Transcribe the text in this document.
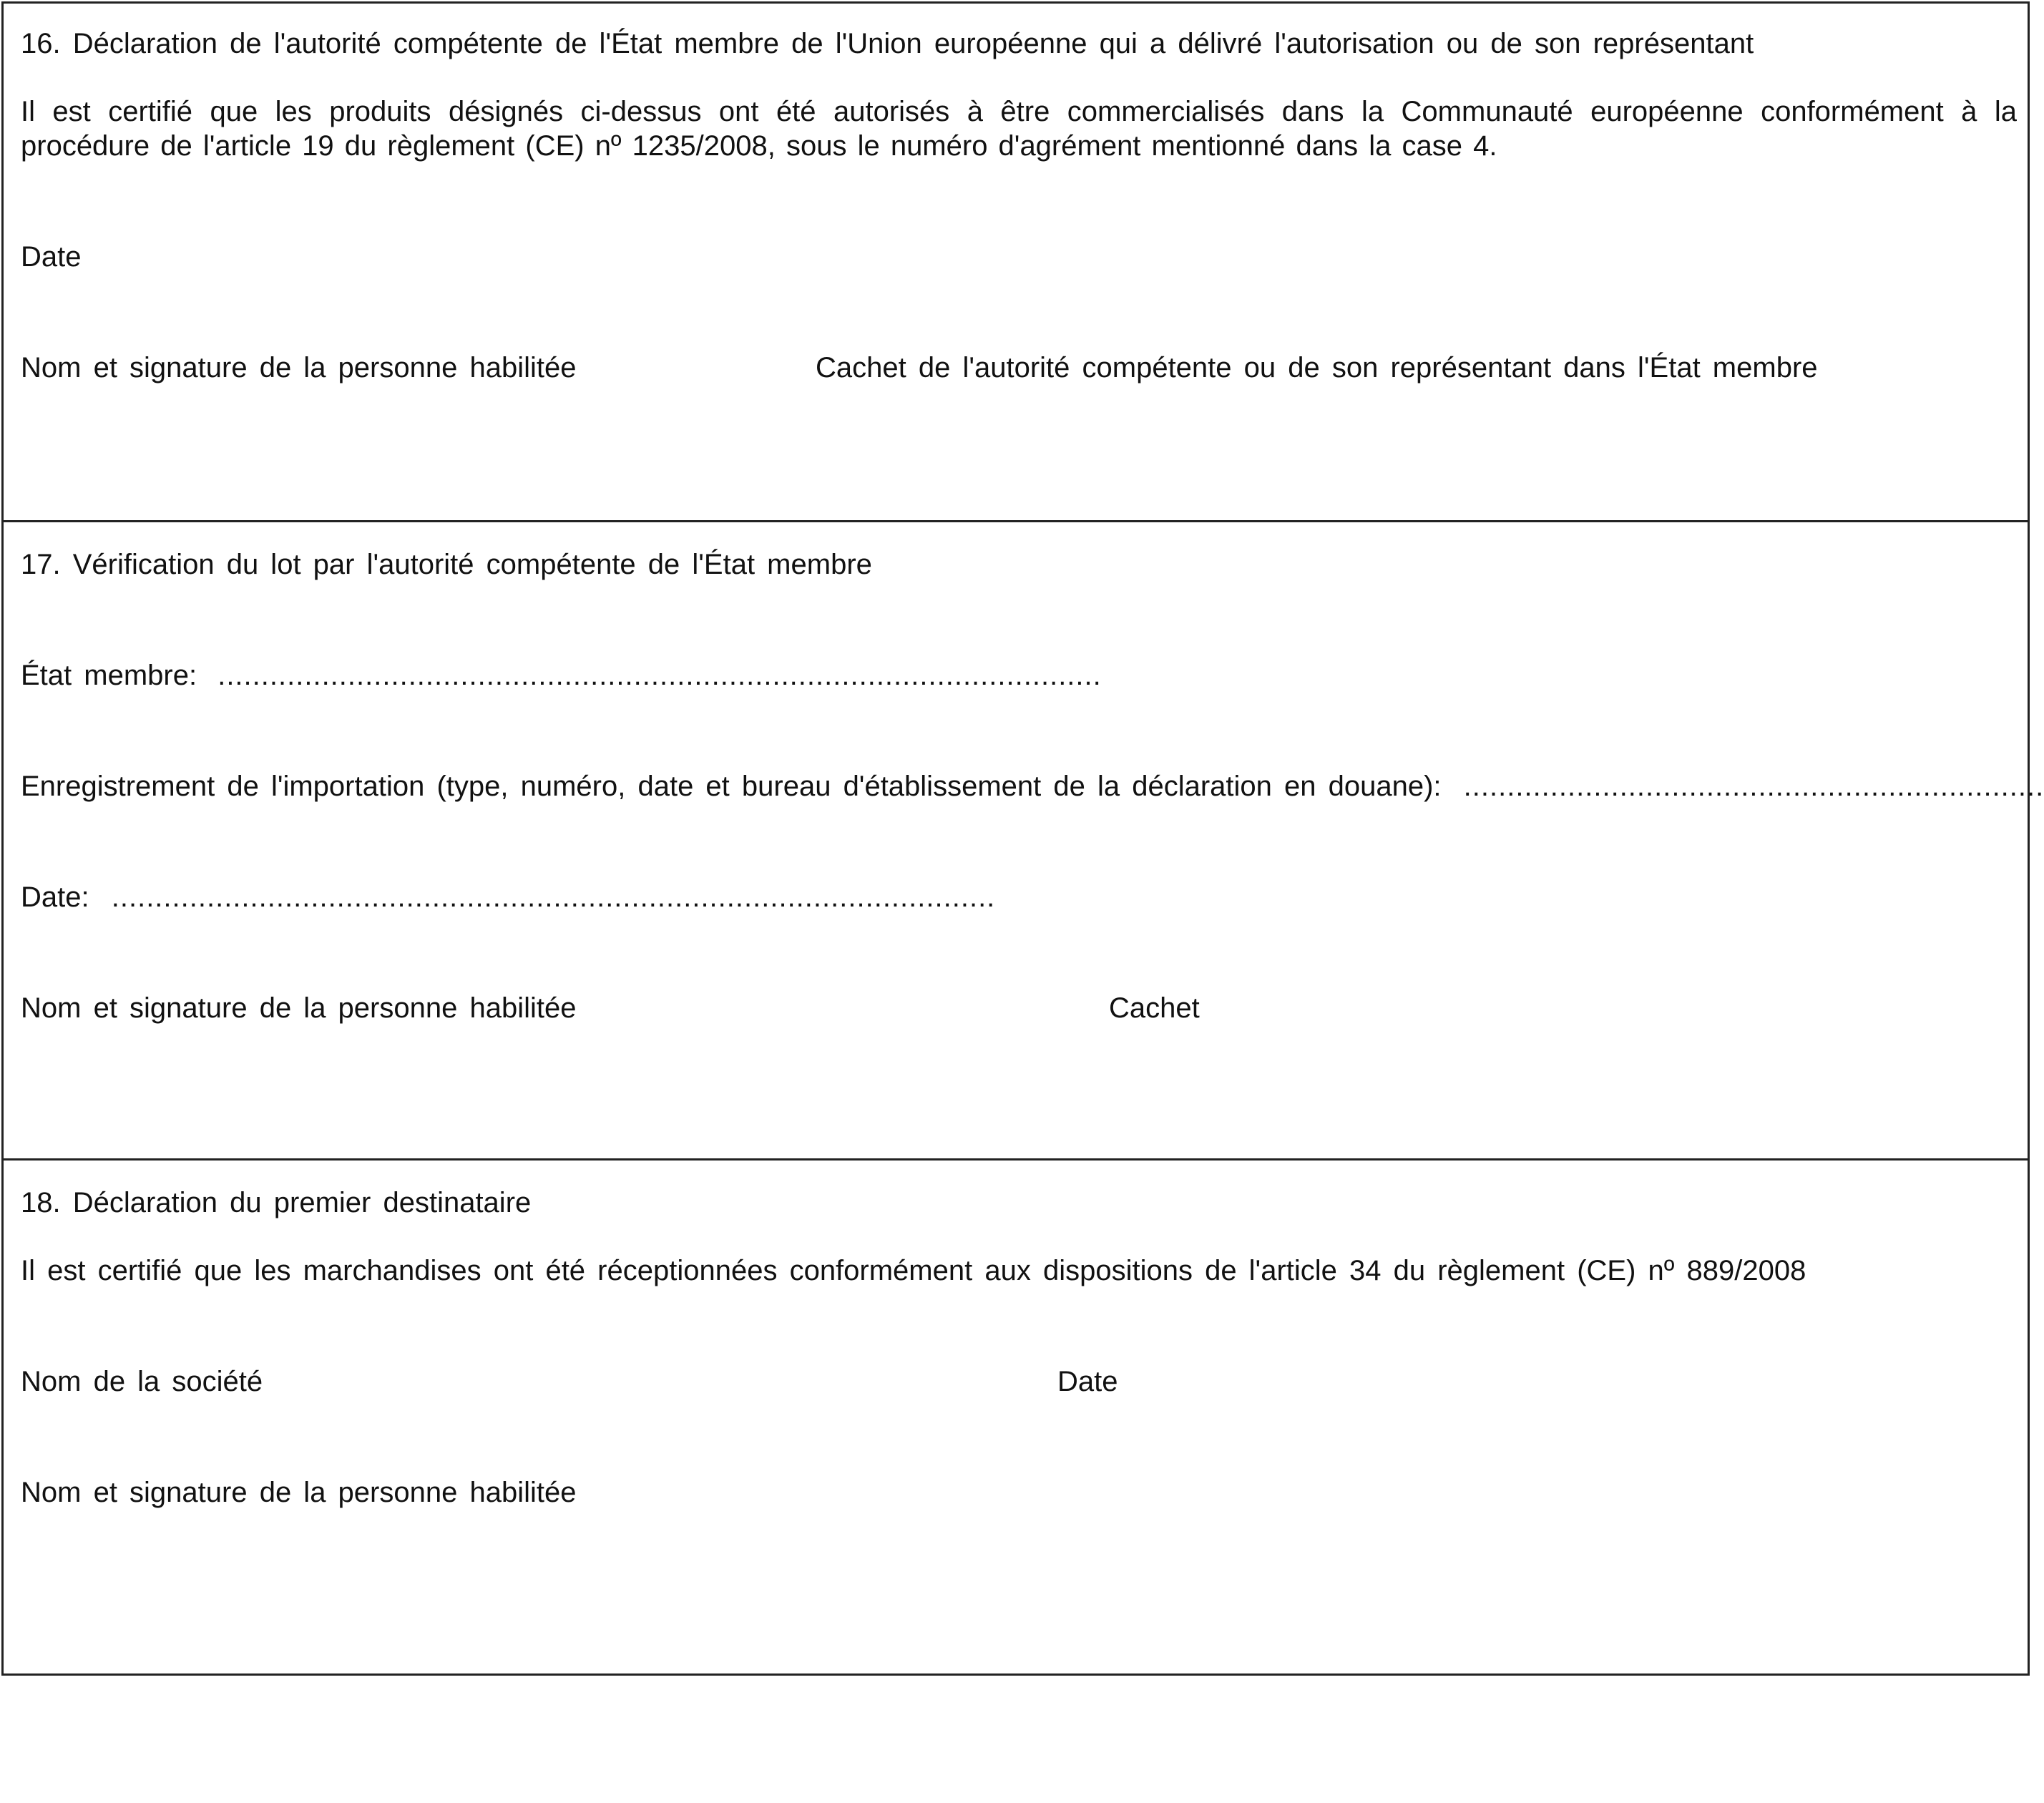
16. Déclaration de l'autorité compétente de l'État membre de l'Union européenne qui a délivré l'autorisation ou de son représentant
Il est certifié que les produits désignés ci-dessus ont été autorisés à être commercialisés dans la Communauté européenne conformément à la procédure de l'article 19 du règlement (CE) nº 1235/2008, sous le numéro d'agrément mentionné dans la case 4.
Date
Nom et signature de la personne habilitée	Cachet de l'autorité compétente ou de son représentant dans l'État membre
17. Vérification du lot par l'autorité compétente de l'État membre
État membre: ......................................................................................................
Enregistrement de l'importation (type, numéro, date et bureau d'établissement de la déclaration en douane): ...................................................................
Date: ......................................................................................................
Nom et signature de la personne habilitée	Cachet
18. Déclaration du premier destinataire
Il est certifié que les marchandises ont été réceptionnées conformément aux dispositions de l'article 34 du règlement (CE) nº 889/2008
Nom de la société	Date
Nom et signature de la personne habilitée
